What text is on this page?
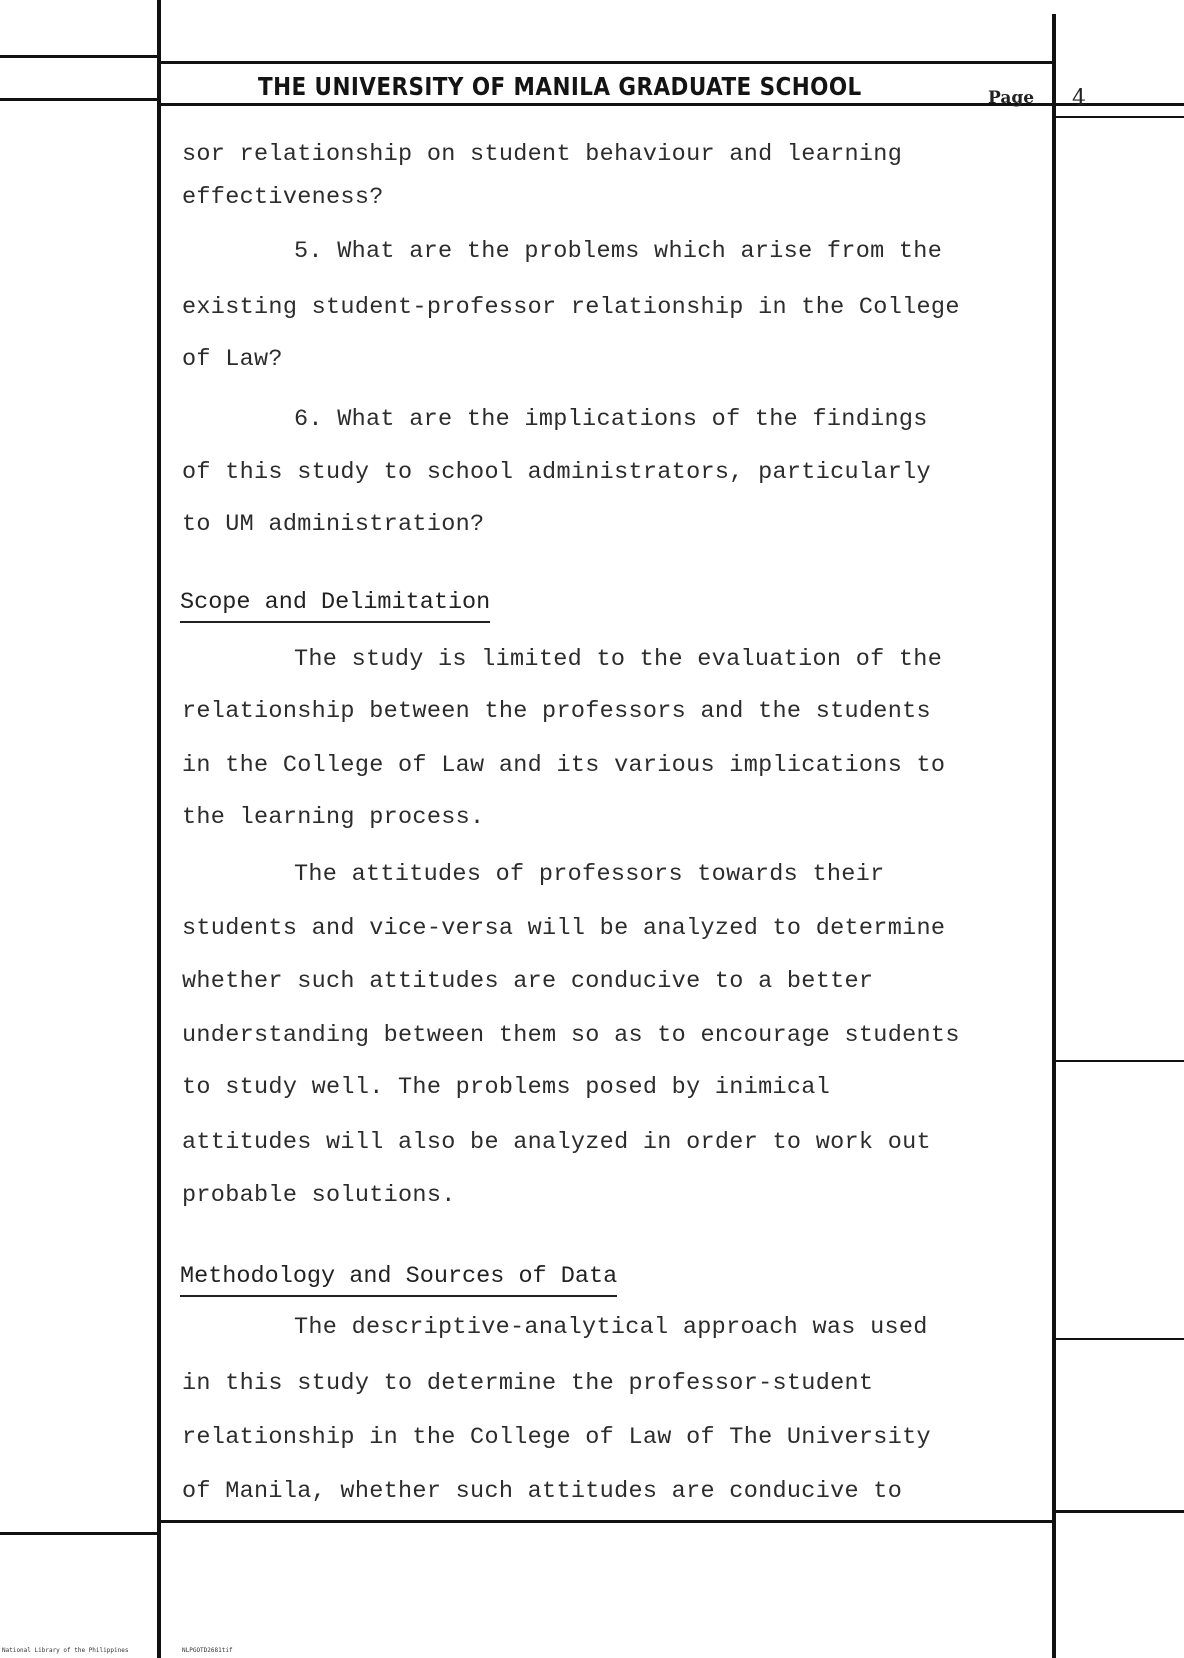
THE UNIVERSITY OF MANILA GRADUATE SCHOOL	Page 4
sor relationship on student behaviour and learning
effectiveness?
5. What are the problems which arise from the
existing student-professor relationship in the College
of Law?
6. What are the implications of the findings
of this study to school administrators, particularly
to UM administration?
Scope and Delimitation
The study is limited to the evaluation of the
relationship between the professors and the students
in the College of Law and its various implications to
the learning process.
The attitudes of professors towards their
students and vice-versa will be analyzed to determine
whether such attitudes are conducive to a better
understanding between them so as to encourage students
to study well. The problems posed by inimical
attitudes will also be analyzed in order to work out
probable solutions.
Methodology and Sources of Data
The descriptive-analytical approach was used
in this study to determine the professor-student
relationship in the College of Law of The University
of Manila, whether such attitudes are conducive to
National Library of the Philippines	NLPGOTD2681tif
